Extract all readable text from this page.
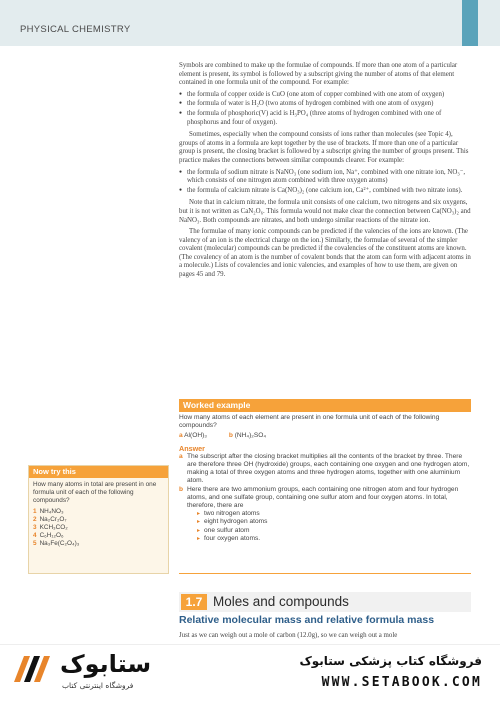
PHYSICAL CHEMISTRY

Symbols are combined to make up the formulae of compounds. If more than one atom of a particular element is present, its symbol is followed by a subscript giving the number of atoms of that element contained in one formula unit of the compound. For example:

● the formula of copper oxide is CuO (one atom of copper combined with one atom of oxygen)
● the formula of water is H₂O (two atoms of hydrogen combined with one atom of oxygen)
● the formula of phosphoric(V) acid is H₃PO₄ (three atoms of hydrogen combined with one of phosphorus and four of oxygen).

Sometimes, especially when the compound consists of ions rather than molecules (see Topic 4), groups of atoms in a formula are kept together by the use of brackets. If more than one of a particular group is present, the closing bracket is followed by a subscript giving the number of groups present. This practice makes the connections between similar compounds clearer. For example:

● the formula of sodium nitrate is NaNO₃ (one sodium ion, Na⁺, combined with one nitrate ion, NO₃⁻, which consists of one nitrogen atom combined with three oxygen atoms)
● the formula of calcium nitrate is Ca(NO₃)₂ (one calcium ion, Ca²⁺, combined with two nitrate ions).

Note that in calcium nitrate, the formula unit consists of one calcium, two nitrogens and six oxygens, but it is not written as CaN₂O₆. This formula would not make clear the connection between Ca(NO₃)₂ and NaNO₃. Both compounds are nitrates, and both undergo similar reactions of the nitrate ion.

The formulae of many ionic compounds can be predicted if the valencies of the ions are known. (The valency of an ion is the electrical charge on the ion.) Similarly, the formulae of several of the simpler covalent (molecular) compounds can be predicted if the covalencies of the constituent atoms are known. (The covalency of an atom is the number of covalent bonds that the atom can form with adjacent atoms in a molecule.) Lists of covalencies and ionic valencies, and examples of how to use them, are given on pages 45 and 79.

Worked example

How many atoms of each element are present in one formula unit of each of the following compounds?

a Al(OH)₃	b (NH₄)₂SO₄
Answer
a The subscript after the closing bracket multiplies all the contents of the bracket by three. There are therefore three OH (hydroxide) groups, each containing one oxygen and one hydrogen atom, making a total of three oxygen atoms and three hydrogen atoms, together with one aluminium atom.
b Here there are two ammonium groups, each containing one nitrogen atom and four hydrogen atoms, and one sulfate group, containing one sulfur atom and four oxygen atoms. In total, therefore, there are
▸ two nitrogen atoms
▸ eight hydrogen atoms
▸ one sulfur atom
▸ four oxygen atoms.
Now try this

How many atoms in total are present in one formula unit of each of the following compounds?

1 NH₄NO₃
2 Na₂Cr₂O₇
3 KCH₃CO₂
4 C₆H₁₂O₆
5 Na₃Fe(C₂O₄)₃
1.7 Moles and compounds
Relative molecular mass and relative formula mass
Just as we can weigh out a mole of carbon (12.0g), so we can weigh out a mole
ستابوک
فروشگاه اینترنتی کتاب
فروشگاه کتاب پزشکی ستابوک
WWW.SETABOOK.COM
